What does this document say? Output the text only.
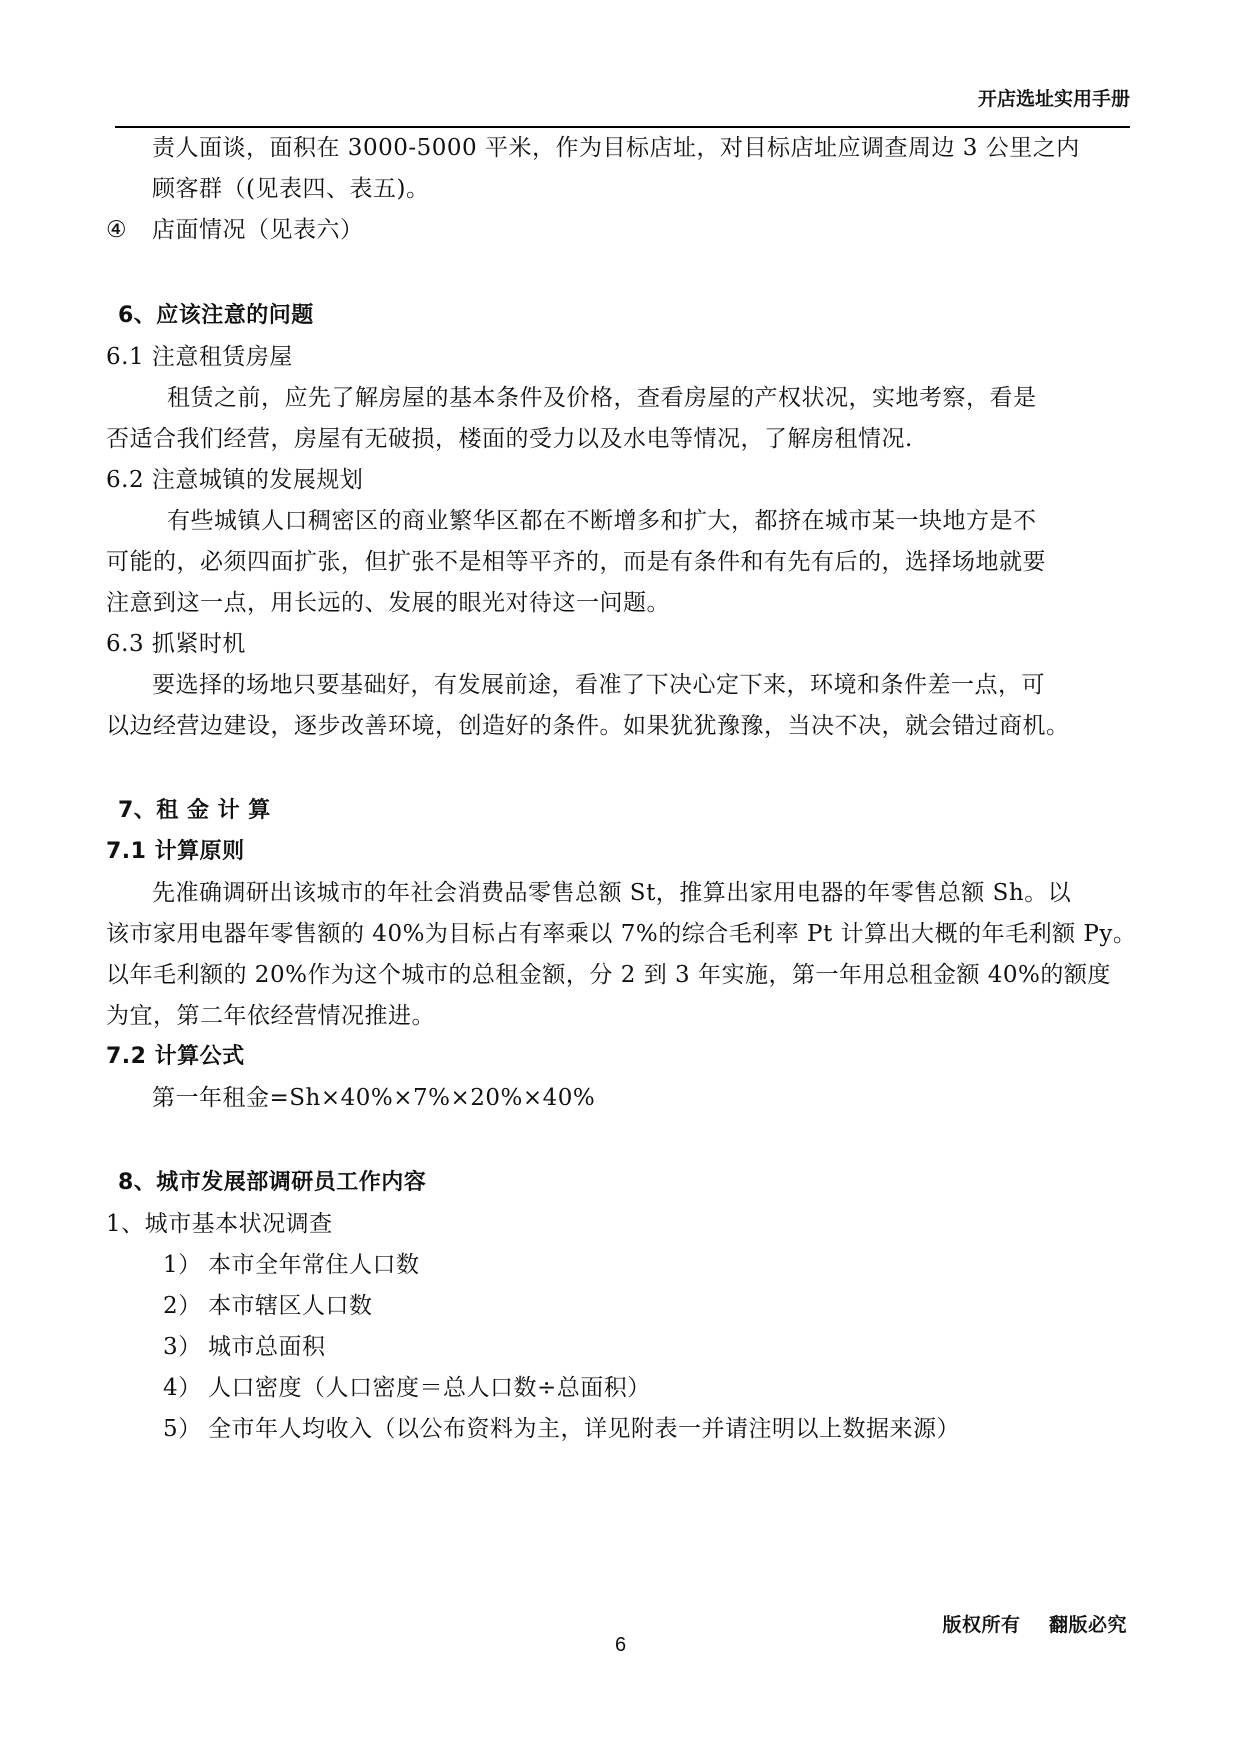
开店选址实用手册
责人面谈，面积在 3000-5000 平米，作为目标店址，对目标店址应调查周边 3 公里之内
顾客群（(见表四、表五)。
④ 店面情况（见表六）
6、应该注意的问题
6.1 注意租赁房屋
租赁之前，应先了解房屋的基本条件及价格，查看房屋的产权状况，实地考察，看是
否适合我们经营，房屋有无破损，楼面的受力以及水电等情况，了解房租情况.
6.2 注意城镇的发展规划
有些城镇人口稠密区的商业繁华区都在不断增多和扩大，都挤在城市某一块地方是不
可能的，必须四面扩张，但扩张不是相等平齐的，而是有条件和有先有后的，选择场地就要
注意到这一点，用长远的、发展的眼光对待这一问题。
6.3 抓紧时机
要选择的场地只要基础好，有发展前途，看准了下决心定下来，环境和条件差一点，可
以边经营边建设，逐步改善环境，创造好的条件。如果犹犹豫豫，当决不决，就会错过商机。
7、租 金 计 算
7.1 计算原则
先准确调研出该城市的年社会消费品零售总额 St，推算出家用电器的年零售总额 Sh。以
该市家用电器年零售额的 40%为目标占有率乘以 7%的综合毛利率 Pt 计算出大概的年毛利额 Py。
以年毛利额的 20%作为这个城市的总租金额，分 2 到 3 年实施，第一年用总租金额 40%的额度
为宜，第二年依经营情况推进。
7.2 计算公式
第一年租金=Sh×40%×7%×20%×40%
8、城市发展部调研员工作内容
1、城市基本状况调查
1） 本市全年常住人口数
2） 本市辖区人口数
3） 城市总面积
4） 人口密度（人口密度＝总人口数÷总面积）
5） 全市年人均收入（以公布资料为主，详见附表一并请注明以上数据来源）
版权所有    翻版必究
6
